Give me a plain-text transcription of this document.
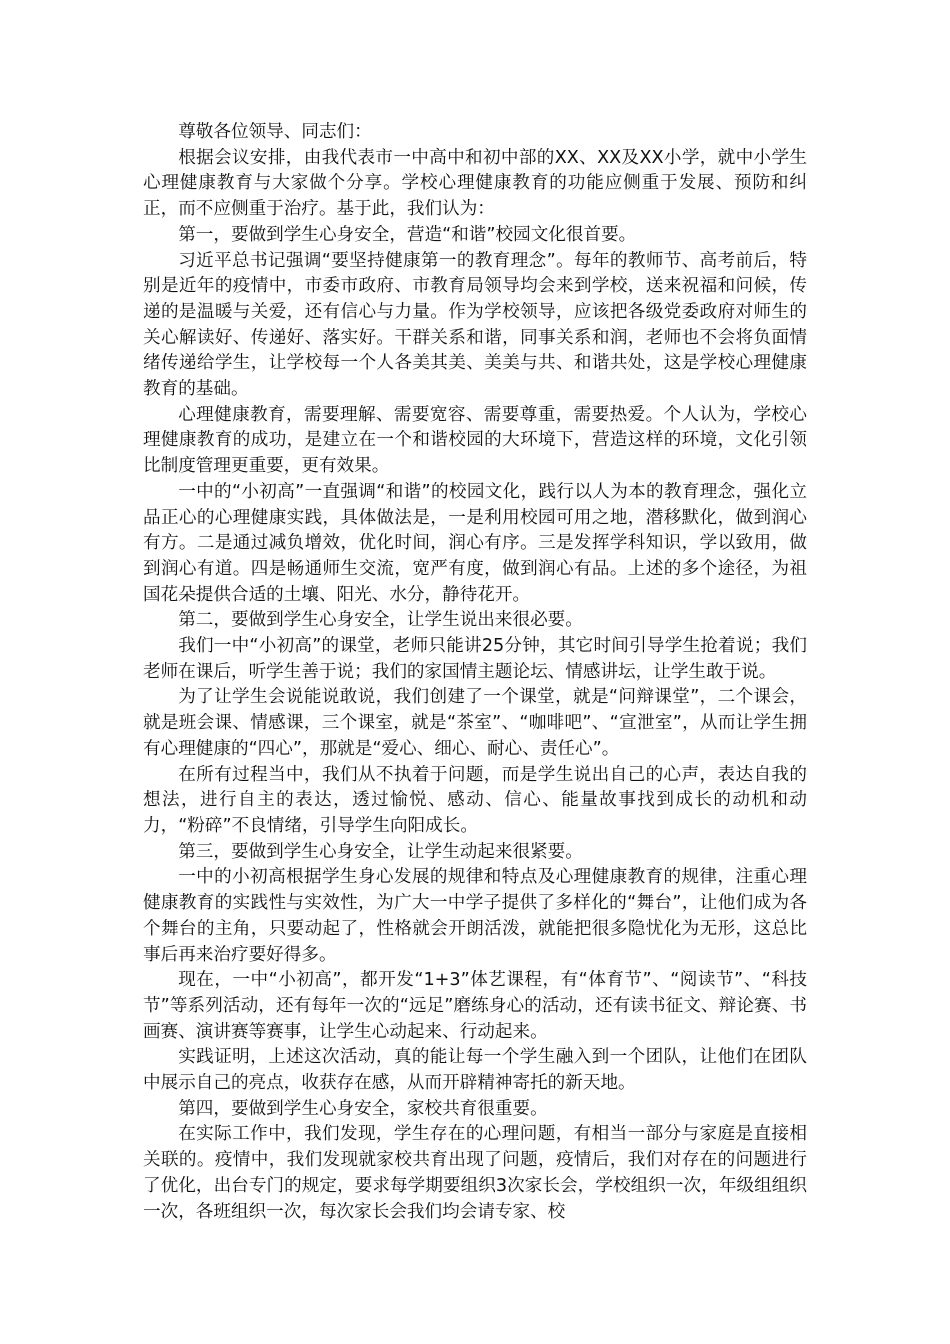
尊敬各位领导、同志们：

根据会议安排，由我代表市一中高中和初中部的XX、XX及XX小学，就中小学生心理健康教育与大家做个分享。学校心理健康教育的功能应侧重于发展、预防和纠正，而不应侧重于治疗。基于此，我们认为：

第一，要做到学生心身安全，营造“和谐”校园文化很首要。

习近平总书记强调“要坚持健康第一的教育理念”。每年的教师节、高考前后，特别是近年的疫情中，市委市政府、市教育局领导均会来到学校，送来祝福和问候，传递的是温暖与关爱，还有信心与力量。作为学校领导，应该把各级党委政府对师生的关心解读好、传递好、落实好。干群关系和谐，同事关系和润，老师也不会将负面情绪传递给学生，让学校每一个人各美其美、美美与共、和谐共处，这是学校心理健康教育的基础。

心理健康教育，需要理解、需要宽容、需要尊重，需要热爱。个人认为，学校心理健康教育的成功，是建立在一个和谐校园的大环境下，营造这样的环境，文化引领比制度管理更重要，更有效果。

一中的“小初高”一直强调“和谐”的校园文化，践行以人为本的教育理念，强化立品正心的心理健康实践，具体做法是，一是利用校园可用之地，潜移默化，做到润心有方。二是通过减负增效，优化时间，润心有序。三是发挥学科知识，学以致用，做到润心有道。四是畅通师生交流，宽严有度，做到润心有品。上述的多个途径，为祖国花朵提供合适的土壤、阳光、水分，静待花开。

第二，要做到学生心身安全，让学生说出来很必要。

我们一中“小初高”的课堂，老师只能讲25分钟，其它时间引导学生抢着说；我们老师在课后，听学生善于说；我们的家国情主题论坛、情感讲坛，让学生敢于说。

为了让学生会说能说敢说，我们创建了一个课堂，就是“问辩课堂”，二个课会，就是班会课、情感课，三个课室，就是“茶室”、“咖啡吧”、“宣泄室”，从而让学生拥有心理健康的“四心”，那就是“爱心、细心、耐心、责任心”。

在所有过程当中，我们从不执着于问题，而是学生说出自己的心声，表达自我的想法，进行自主的表达，透过愉悦、感动、信心、能量故事找到成长的动机和动力，“粉碎”不良情绪，引导学生向阳成长。

第三，要做到学生心身安全，让学生动起来很紧要。

一中的小初高根据学生身心发展的规律和特点及心理健康教育的规律，注重心理健康教育的实践性与实效性，为广大一中学子提供了多样化的“舞台”，让他们成为各个舞台的主角，只要动起了，性格就会开朗活泼，就能把很多隐忧化为无形，这总比事后再来治疗要好得多。

现在，一中“小初高”，都开发“1+3”体艺课程，有“体育节”、“阅读节”、“科技节”等系列活动，还有每年一次的“远足”磨练身心的活动，还有读书征文、辩论赛、书画赛、演讲赛等赛事，让学生心动起来、行动起来。

实践证明，上述这次活动，真的能让每一个学生融入到一个团队，让他们在团队中展示自己的亮点，收获存在感，从而开辟精神寄托的新天地。

第四，要做到学生心身安全，家校共育很重要。

在实际工作中，我们发现，学生存在的心理问题，有相当一部分与家庭是直接相关联的。疫情中，我们发现就家校共育出现了问题，疫情后，我们对存在的问题进行了优化，出台专门的规定，要求每学期要组织3次家长会，学校组织一次，年级组组织一次，各班组织一次，每次家长会我们均会请专家、校
